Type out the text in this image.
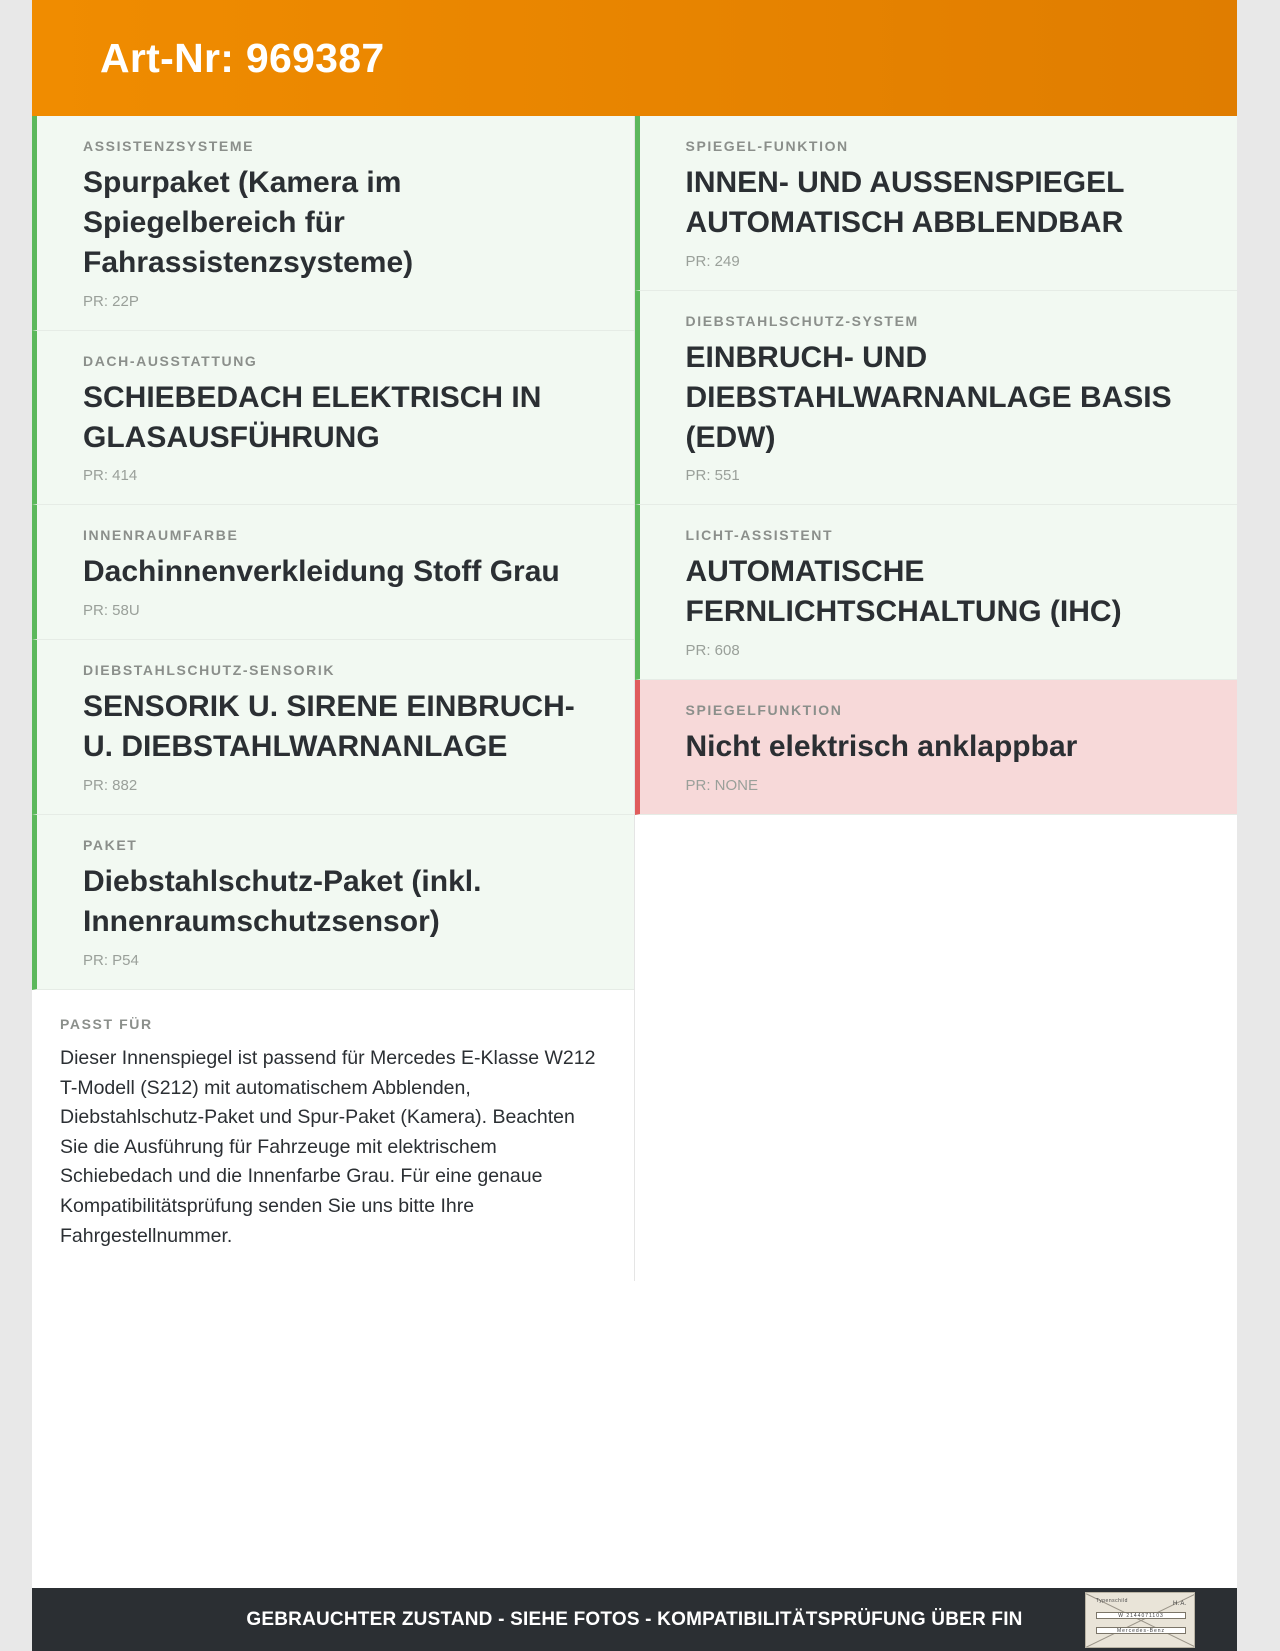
Art-Nr: 969387
ASSISTENZSYSTEME
Spurpaket (Kamera im Spiegelbereich für Fahrassistenzsysteme)
PR: 22P
DACH-AUSSTATTUNG
SCHIEBEDACH ELEKTRISCH IN GLASAUSFÜHRUNG
PR: 414
INNENRAUMFARBE
Dachinnenverkleidung Stoff Grau
PR: 58U
DIEBSTAHLSCHUTZ-SENSORIK
SENSORIK U. SIRENE EINBRUCH- U. DIEBSTAHLWARNANLAGE
PR: 882
PAKET
Diebstahlschutz-Paket (inkl. Innenraumschutzsensor)
PR: P54
PASST FÜR
Dieser Innenspiegel ist passend für Mercedes E-Klasse W212 T-Modell (S212) mit automatischem Abblenden, Diebstahlschutz-Paket und Spur-Paket (Kamera). Beachten Sie die Ausführung für Fahrzeuge mit elektrischem Schiebedach und die Innenfarbe Grau. Für eine genaue Kompatibilitätsprüfung senden Sie uns bitte Ihre Fahrgestellnummer.
SPIEGEL-FUNKTION
INNEN- UND AUSSENSPIEGEL AUTOMATISCH ABBLENDBAR
PR: 249
DIEBSTAHLSCHUTZ-SYSTEM
EINBRUCH- UND DIEBSTAHLWARNANLAGE BASIS (EDW)
PR: 551
LICHT-ASSISTENT
AUTOMATISCHE FERNLICHTSCHALTUNG (IHC)
PR: 608
SPIEGELFUNKTION
Nicht elektrisch anklappbar
PR: NONE
GEBRAUCHTER ZUSTAND - SIEHE FOTOS - KOMPATIBILITÄTSPRÜFUNG ÜBER FIN
Typenschild	H. A.
W 2144071103
Mercedes-Benz
